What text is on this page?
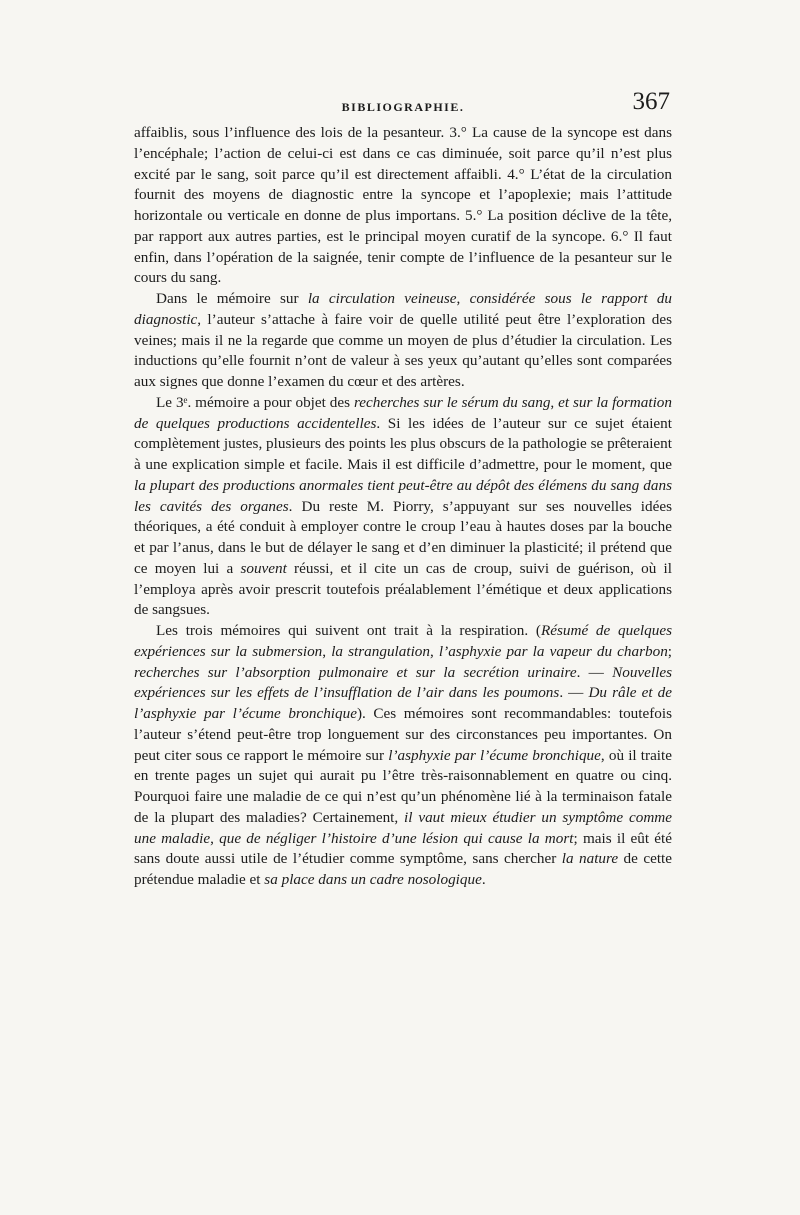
BIBLIOGRAPHIE.	367

affaiblis, sous l’influence des lois de la pesanteur. 3.° La cause de la syncope est dans l’encéphale; l’action de celui-ci est dans ce cas diminuée, soit parce qu’il n’est plus excité par le sang, soit parce qu’il est directement affaibli. 4.° L’état de la circulation fournit des moyens de diagnostic entre la syncope et l’apoplexie; mais l’attitude horizontale ou verticale en donne de plus importans. 5.° La position déclive de la tête, par rapport aux autres parties, est le principal moyen curatif de la syncope. 6.° Il faut enfin, dans l’opération de la saignée, tenir compte de l’influence de la pesanteur sur le cours du sang.

Dans le mémoire sur la circulation veineuse, considérée sous le rapport du diagnostic, l’auteur s’attache à faire voir de quelle utilité peut être l’exploration des veines; mais il ne la regarde que comme un moyen de plus d’étudier la circulation. Les inductions qu’elle fournit n’ont de valeur à ses yeux qu’autant qu’elles sont comparées aux signes que donne l’examen du cœur et des artères.

Le 3ᵉ. mémoire a pour objet des recherches sur le sérum du sang, et sur la formation de quelques productions accidentelles. Si les idées de l’auteur sur ce sujet étaient complètement justes, plusieurs des points les plus obscurs de la pathologie se prêteraient à une explication simple et facile. Mais il est difficile d’admettre, pour le moment, que la plupart des productions anormales tient peut-être au dépôt des élémens du sang dans les cavités des organes. Du reste M. Piorry, s’appuyant sur ses nouvelles idées théoriques, a été conduit à employer contre le croup l’eau à hautes doses par la bouche et par l’anus, dans le but de délayer le sang et d’en diminuer la plasticité; il prétend que ce moyen lui a souvent réussi, et il cite un cas de croup, suivi de guérison, où il l’employa après avoir prescrit toutefois préalablement l’émétique et deux applications de sangsues.

Les trois mémoires qui suivent ont trait à la respiration. (Résumé de quelques expériences sur la submersion, la strangulation, l’asphyxie par la vapeur du charbon; recherches sur l’absorption pulmonaire et sur la secrétion urinaire. — Nouvelles expériences sur les effets de l’insufflation de l’air dans les poumons. — Du râle et de l’asphyxie par l’écume bronchique). Ces mémoires sont recommandables: toutefois l’auteur s’étend peut-être trop longuement sur des circonstances peu importantes. On peut citer sous ce rapport le mémoire sur l’asphyxie par l’écume bronchique, où il traite en trente pages un sujet qui aurait pu l’être très-raisonnablement en quatre ou cinq. Pourquoi faire une maladie de ce qui n’est qu’un phénomène lié à la terminaison fatale de la plupart des maladies? Certainement, il vaut mieux étudier un symptôme comme une maladie, que de négliger l’histoire d’une lésion qui cause la mort; mais il eût été sans doute aussi utile de l’étudier comme symptôme, sans chercher la nature de cette prétendue maladie et sa place dans un cadre nosologique.
